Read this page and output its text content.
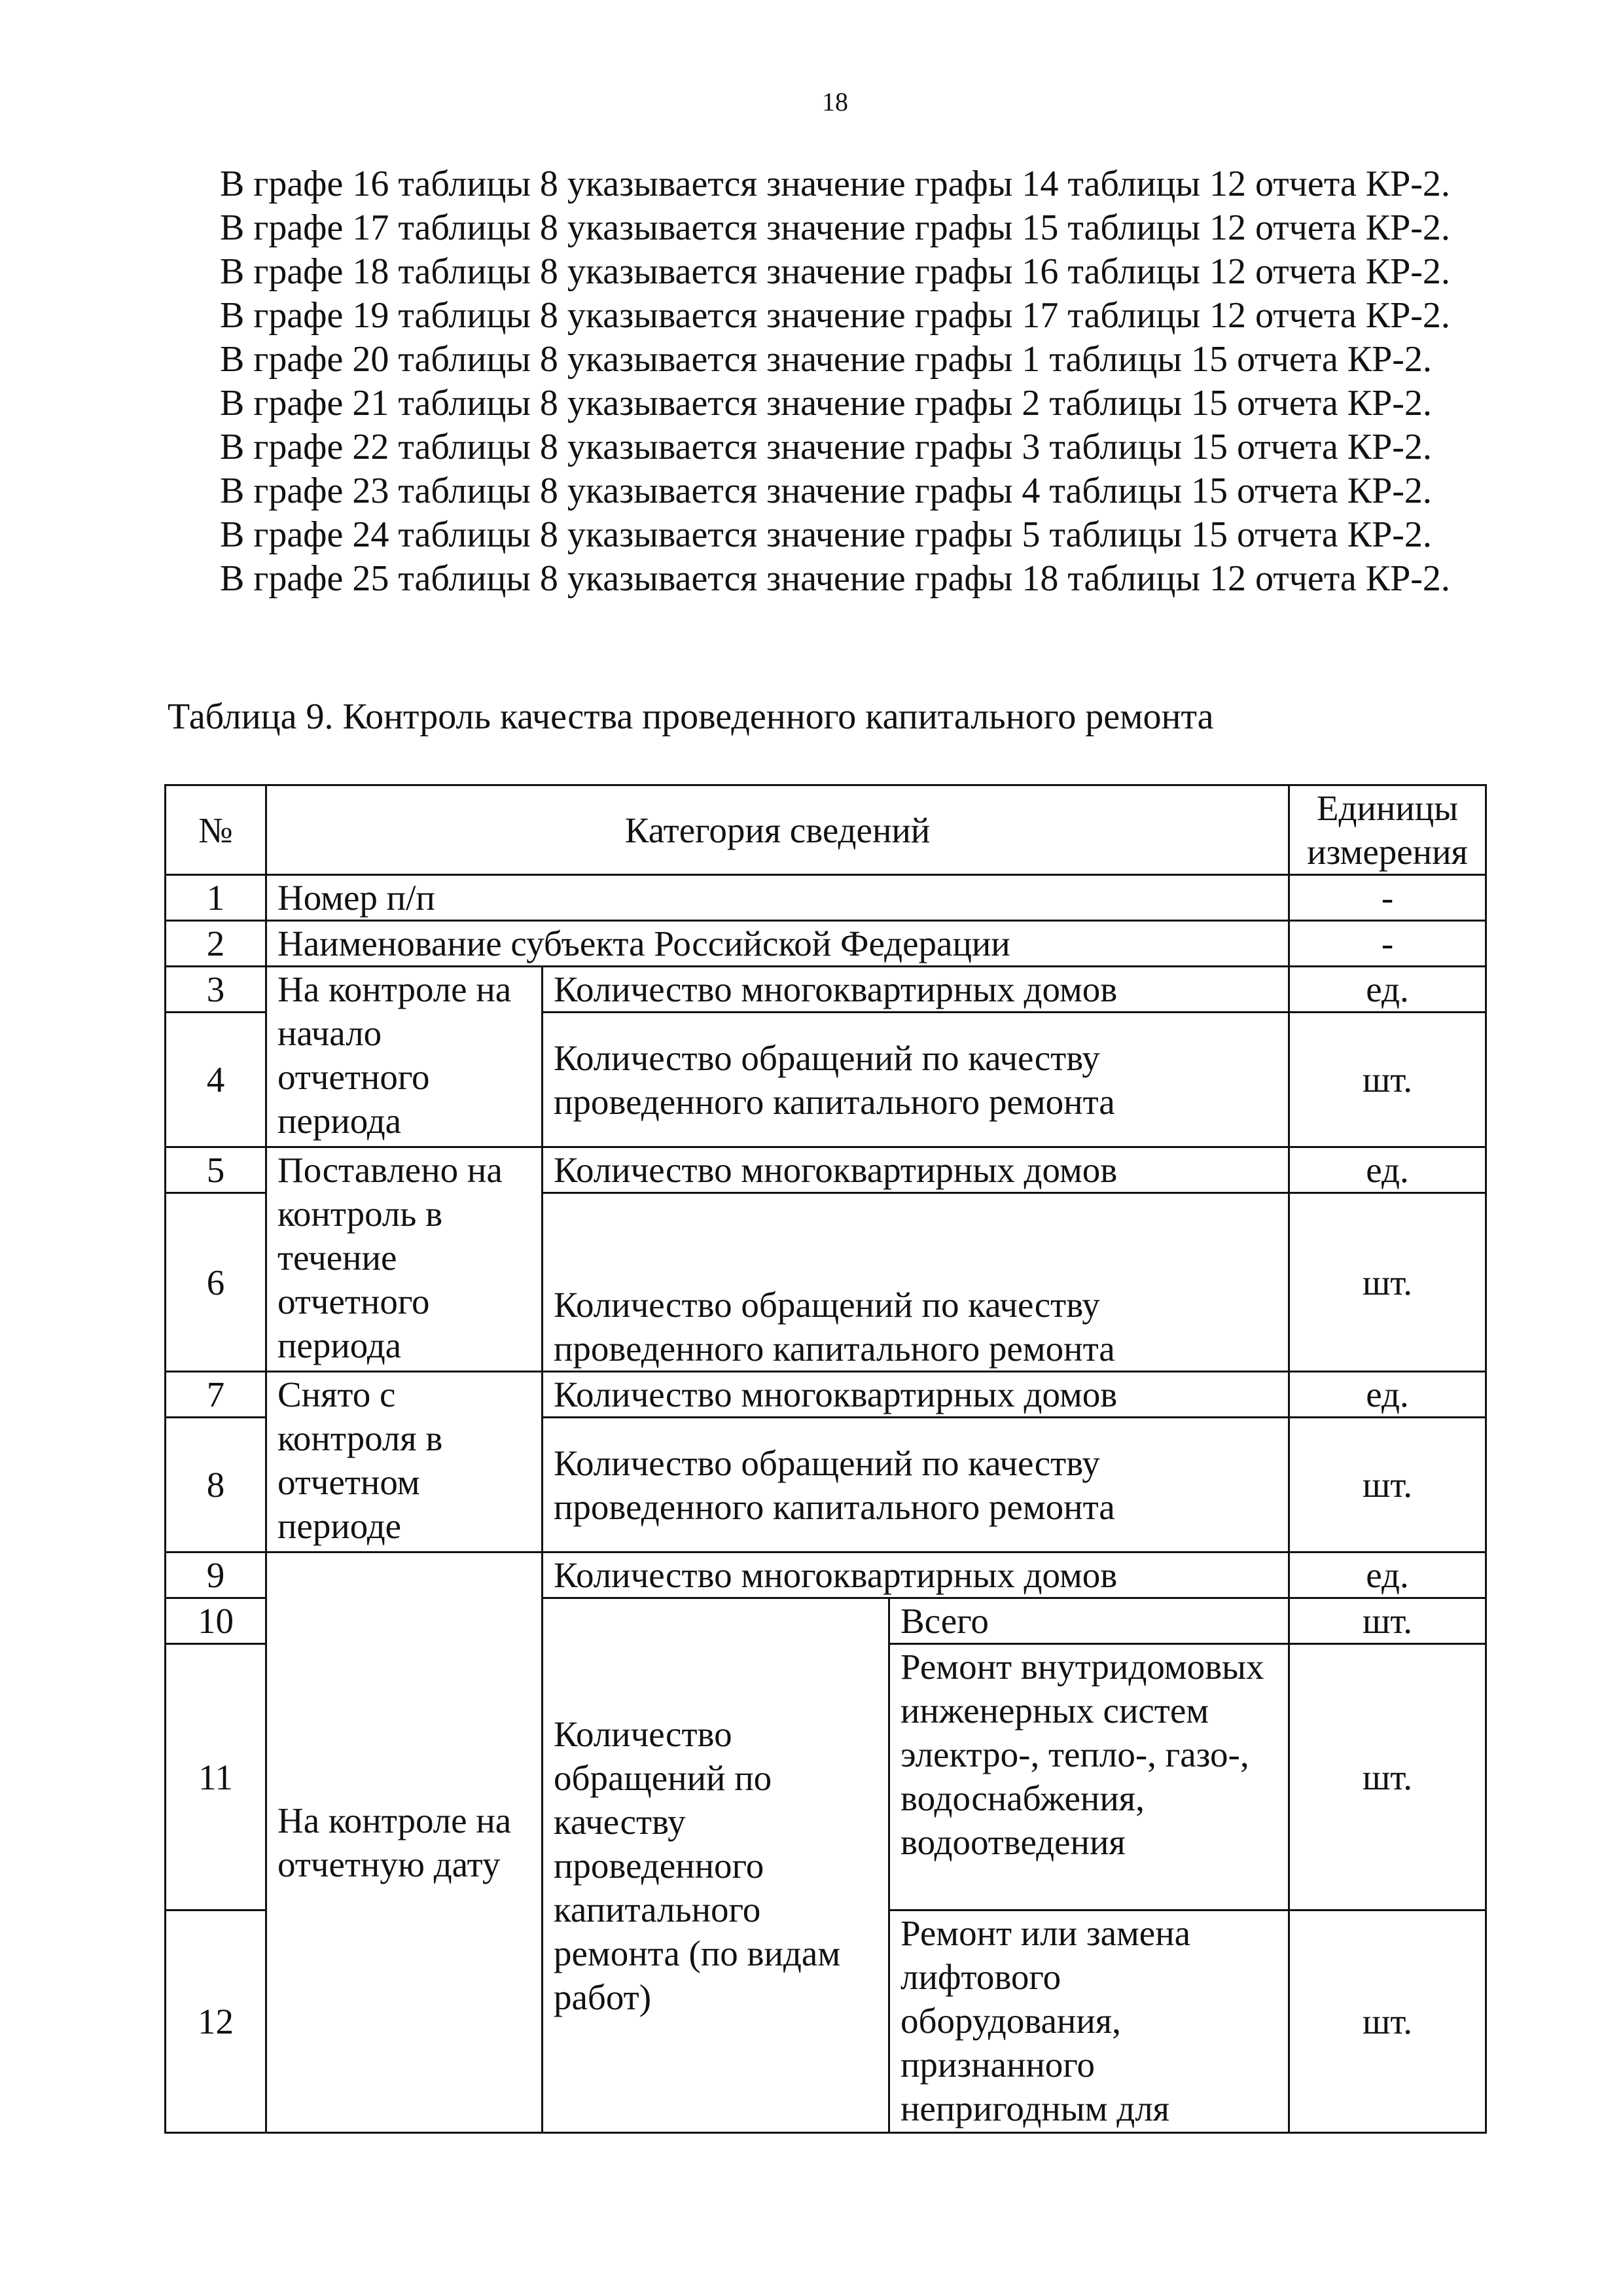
18
В графе 16 таблицы 8 указывается значение графы 14 таблицы 12 отчета КР-2.
В графе 17 таблицы 8 указывается значение графы 15 таблицы 12 отчета КР-2.
В графе 18 таблицы 8 указывается значение графы 16 таблицы 12 отчета КР-2.
В графе 19 таблицы 8 указывается значение графы 17 таблицы 12 отчета КР-2.
В графе 20 таблицы 8 указывается значение графы 1 таблицы 15 отчета КР-2.
В графе 21 таблицы 8 указывается значение графы 2 таблицы 15 отчета КР-2.
В графе 22 таблицы 8 указывается значение графы 3 таблицы 15 отчета КР-2.
В графе 23 таблицы 8 указывается значение графы 4 таблицы 15 отчета КР-2.
В графе 24 таблицы 8 указывается значение графы 5 таблицы 15 отчета КР-2.
В графе 25 таблицы 8 указывается значение графы 18 таблицы 12 отчета КР-2.
Таблица 9. Контроль качества проведенного капитального ремонта
№	Категория сведений			Единицы измерения
1	Номер п/п			-
2	Наименование субъекта Российской Федерации			-
3	На контроле на начало отчетного периода	Количество многоквартирных домов		ед.
4		Количество обращений по качеству проведенного капитального ремонта		шт.
5	Поставлено на контроль в течение отчетного периода	Количество многоквартирных домов		ед.
6		Количество обращений по качеству проведенного капитального ремонта		шт.
7	Снято с контроля в отчетном периоде	Количество многоквартирных домов		ед.
8		Количество обращений по качеству проведенного капитального ремонта		шт.
9	На контроле на отчетную дату	Количество многоквартирных домов		ед.
10		Количество обращений по качеству проведенного капитального ремонта (по видам работ)	Всего	шт.
11			Ремонт внутридомовых инженерных систем электро-, тепло-, газо-, водоснабжения, водоотведения	шт.
12			Ремонт или замена лифтового оборудования, признанного непригодным для	шт.
